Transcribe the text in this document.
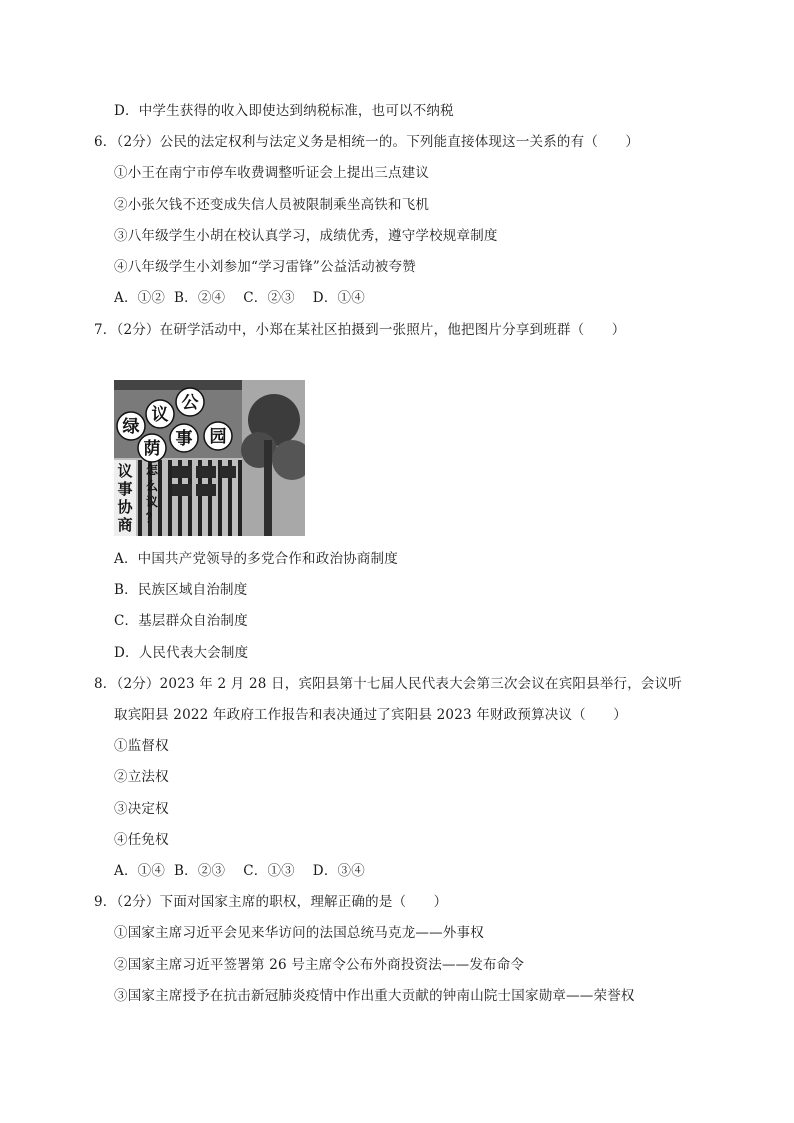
D．中学生获得的收入即使达到纳税标准，也可以不纳税
6．（2分）公民的法定权利与法定义务是相统一的。下列能直接体现这一关系的有（　　）
①小王在南宁市停车收费调整听证会上提出三点建议
②小张欠钱不还变成失信人员被限制乘坐高铁和飞机
③八年级学生小胡在校认真学习，成绩优秀，遵守学校规章制度
④八年级学生小刘参加“学习雷锋”公益活动被夸赞
A．①②  B．②④    C．②③    D．①④
7．（2分）在研学活动中，小郑在某社区拍摄到一张照片，他把图片分享到班群（　　）
绿
议
公
荫 事 园
议
事
协
商
怎
么
议
？
A．中国共产党领导的多党合作和政治协商制度
B．民族区域自治制度
C．基层群众自治制度
D．人民代表大会制度
8．（2分）2023 年 2 月 28 日，宾阳县第十七届人民代表大会第三次会议在宾阳县举行，会议听
取宾阳县 2022 年政府工作报告和表决通过了宾阳县 2023 年财政预算决议（　　）
①监督权
②立法权
③决定权
④任免权
A．①④  B．②③    C．①③    D．③④
9．（2分）下面对国家主席的职权，理解正确的是（　　）
①国家主席习近平会见来华访问的法国总统马克龙——外事权
②国家主席习近平签署第 26 号主席令公布外商投资法——发布命令
③国家主席授予在抗击新冠肺炎疫情中作出重大贡献的钟南山院士国家勋章——荣誉权
